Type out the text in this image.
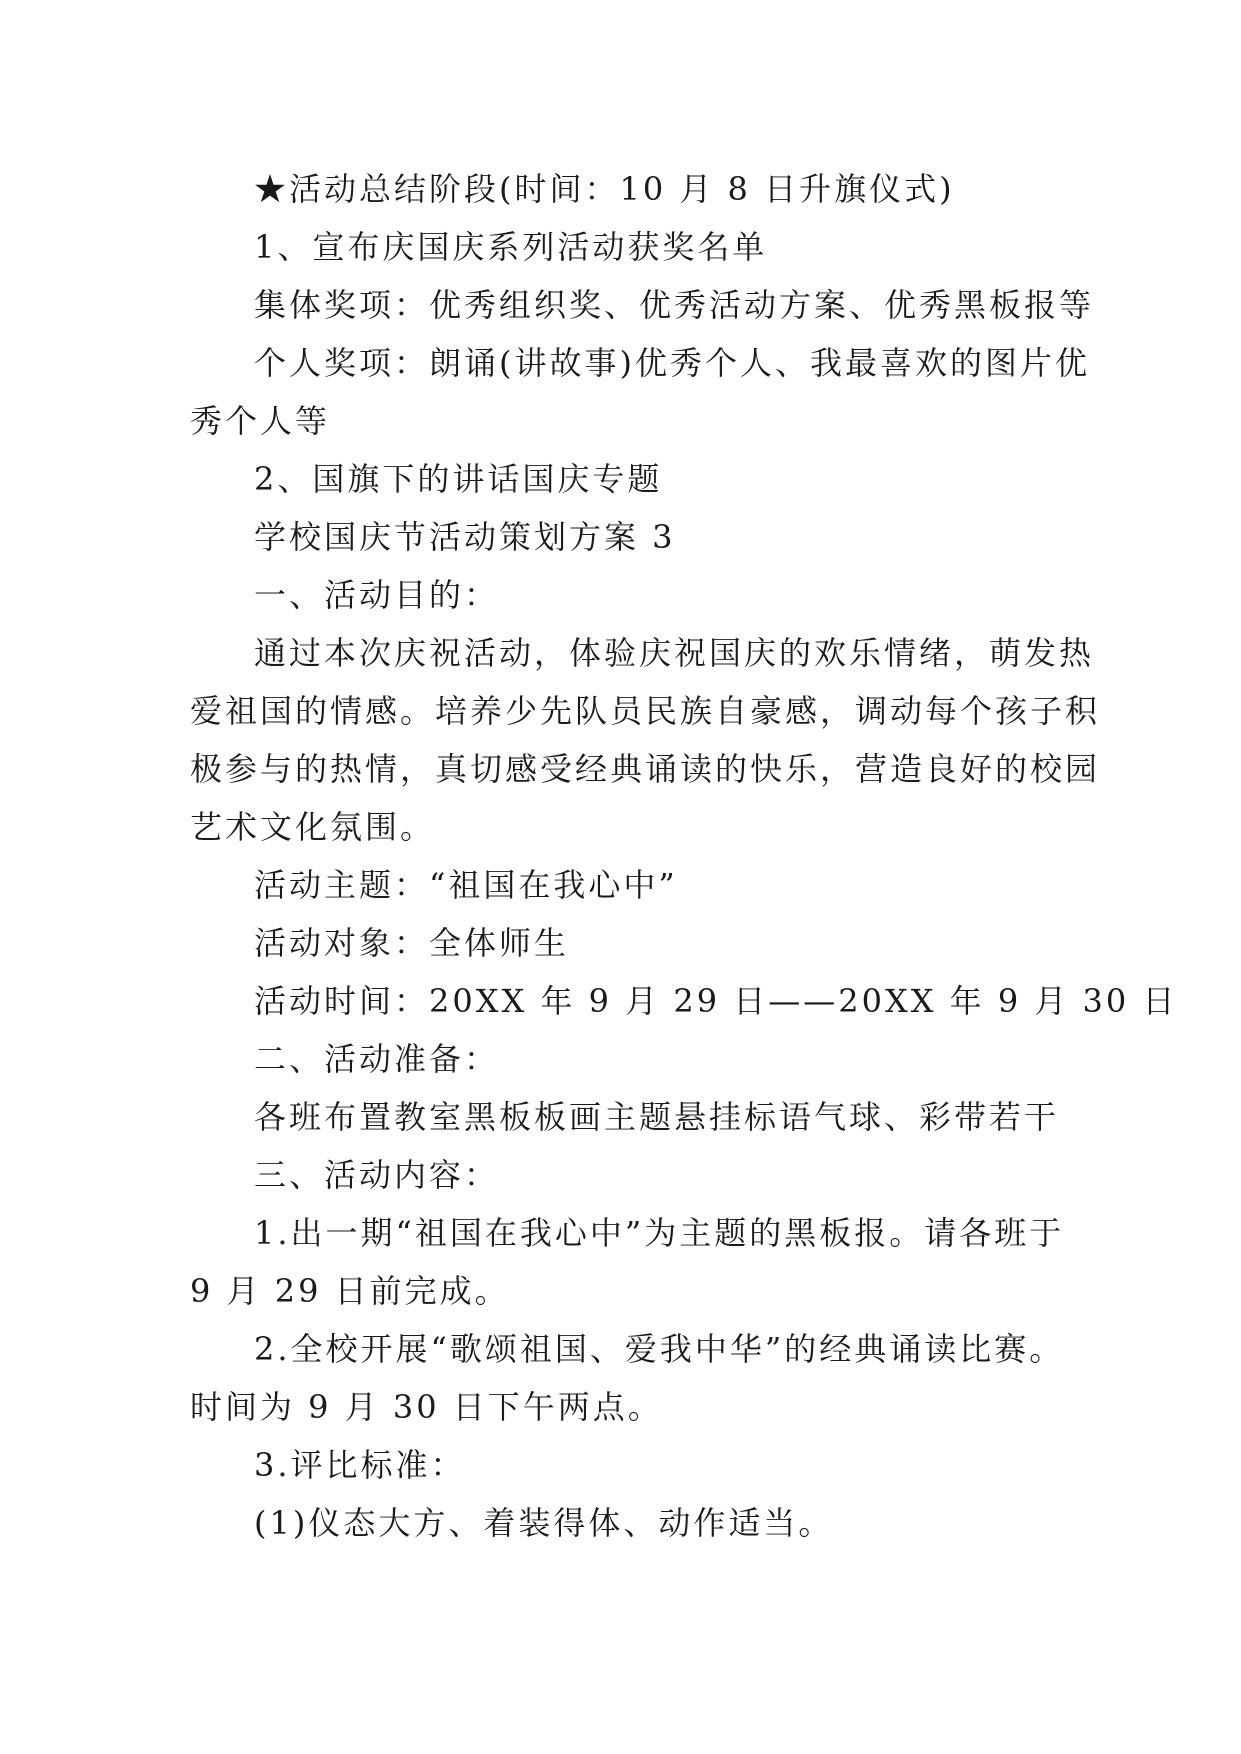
★活动总结阶段(时间：10 月 8 日升旗仪式)
1、宣布庆国庆系列活动获奖名单
集体奖项：优秀组织奖、优秀活动方案、优秀黑板报等
个人奖项：朗诵(讲故事)优秀个人、我最喜欢的图片优
秀个人等
2、国旗下的讲话国庆专题
学校国庆节活动策划方案 3
一、活动目的：
通过本次庆祝活动，体验庆祝国庆的欢乐情绪，萌发热
爱祖国的情感。培养少先队员民族自豪感，调动每个孩子积
极参与的热情，真切感受经典诵读的快乐，营造良好的校园
艺术文化氛围。
活动主题：“祖国在我心中”
活动对象：全体师生
活动时间：20XX 年 9 月 29 日——20XX 年 9 月 30 日
二、活动准备：
各班布置教室黑板板画主题悬挂标语气球、彩带若干
三、活动内容：
1.出一期“祖国在我心中”为主题的黑板报。请各班于
9 月 29 日前完成。
2.全校开展“歌颂祖国、爱我中华”的经典诵读比赛。
时间为 9 月 30 日下午两点。
3.评比标准：
(1)仪态大方、着装得体、动作适当。
